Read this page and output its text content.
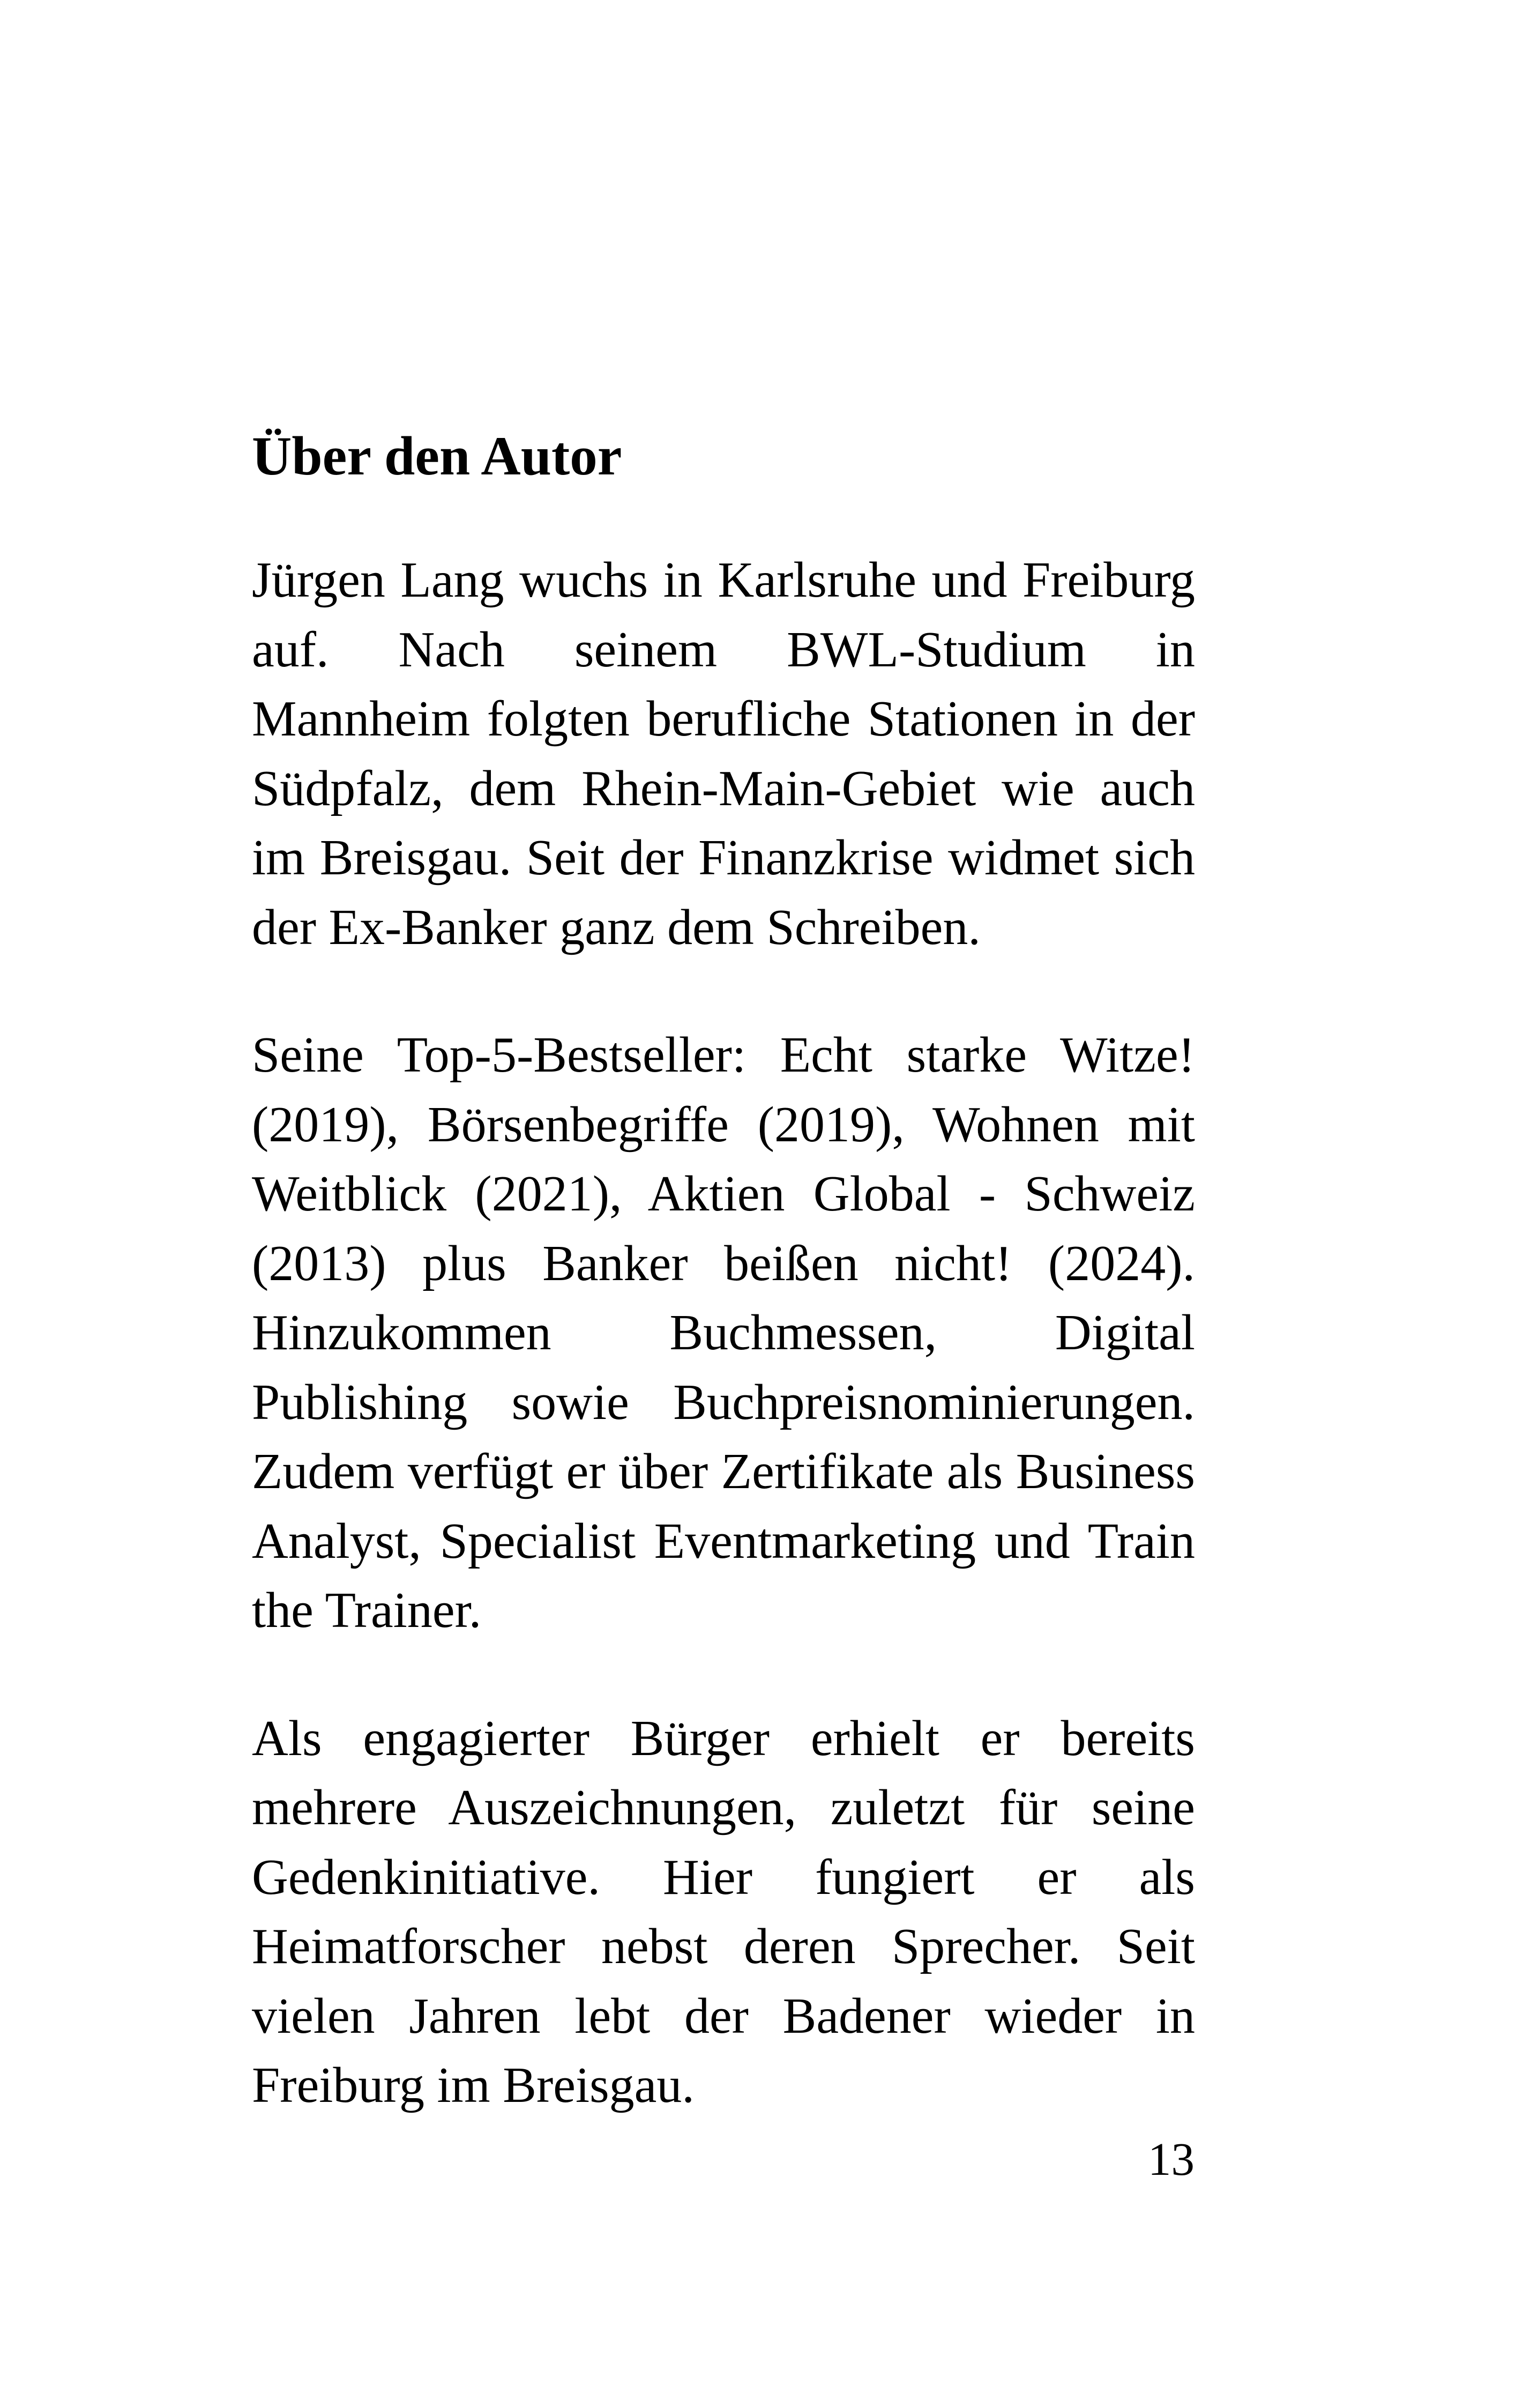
Über den Autor

Jürgen Lang wuchs in Karlsruhe und Freiburg auf. Nach seinem BWL-Studium in Mannheim folgten berufliche Stationen in der Südpfalz, dem Rhein-Main-Gebiet wie auch im Breisgau. Seit der Finanzkrise widmet sich der Ex-Banker ganz dem Schreiben.

Seine Top-5-Bestseller: Echt starke Witze! (2019), Börsenbegriffe (2019), Wohnen mit Weitblick (2021), Aktien Global - Schweiz (2013) plus Banker beißen nicht! (2024). Hinzukommen Buchmessen, Digital Publishing sowie Buchpreisnominierungen. Zudem verfügt er über Zertifikate als Business Analyst, Specialist Eventmarketing und Train the Trainer.

Als engagierter Bürger erhielt er bereits mehrere Auszeichnungen, zuletzt für seine Gedenkinitiative. Hier fungiert er als Heimatforscher nebst deren Sprecher. Seit vielen Jahren lebt der Badener wieder in Freiburg im Breisgau.

13
